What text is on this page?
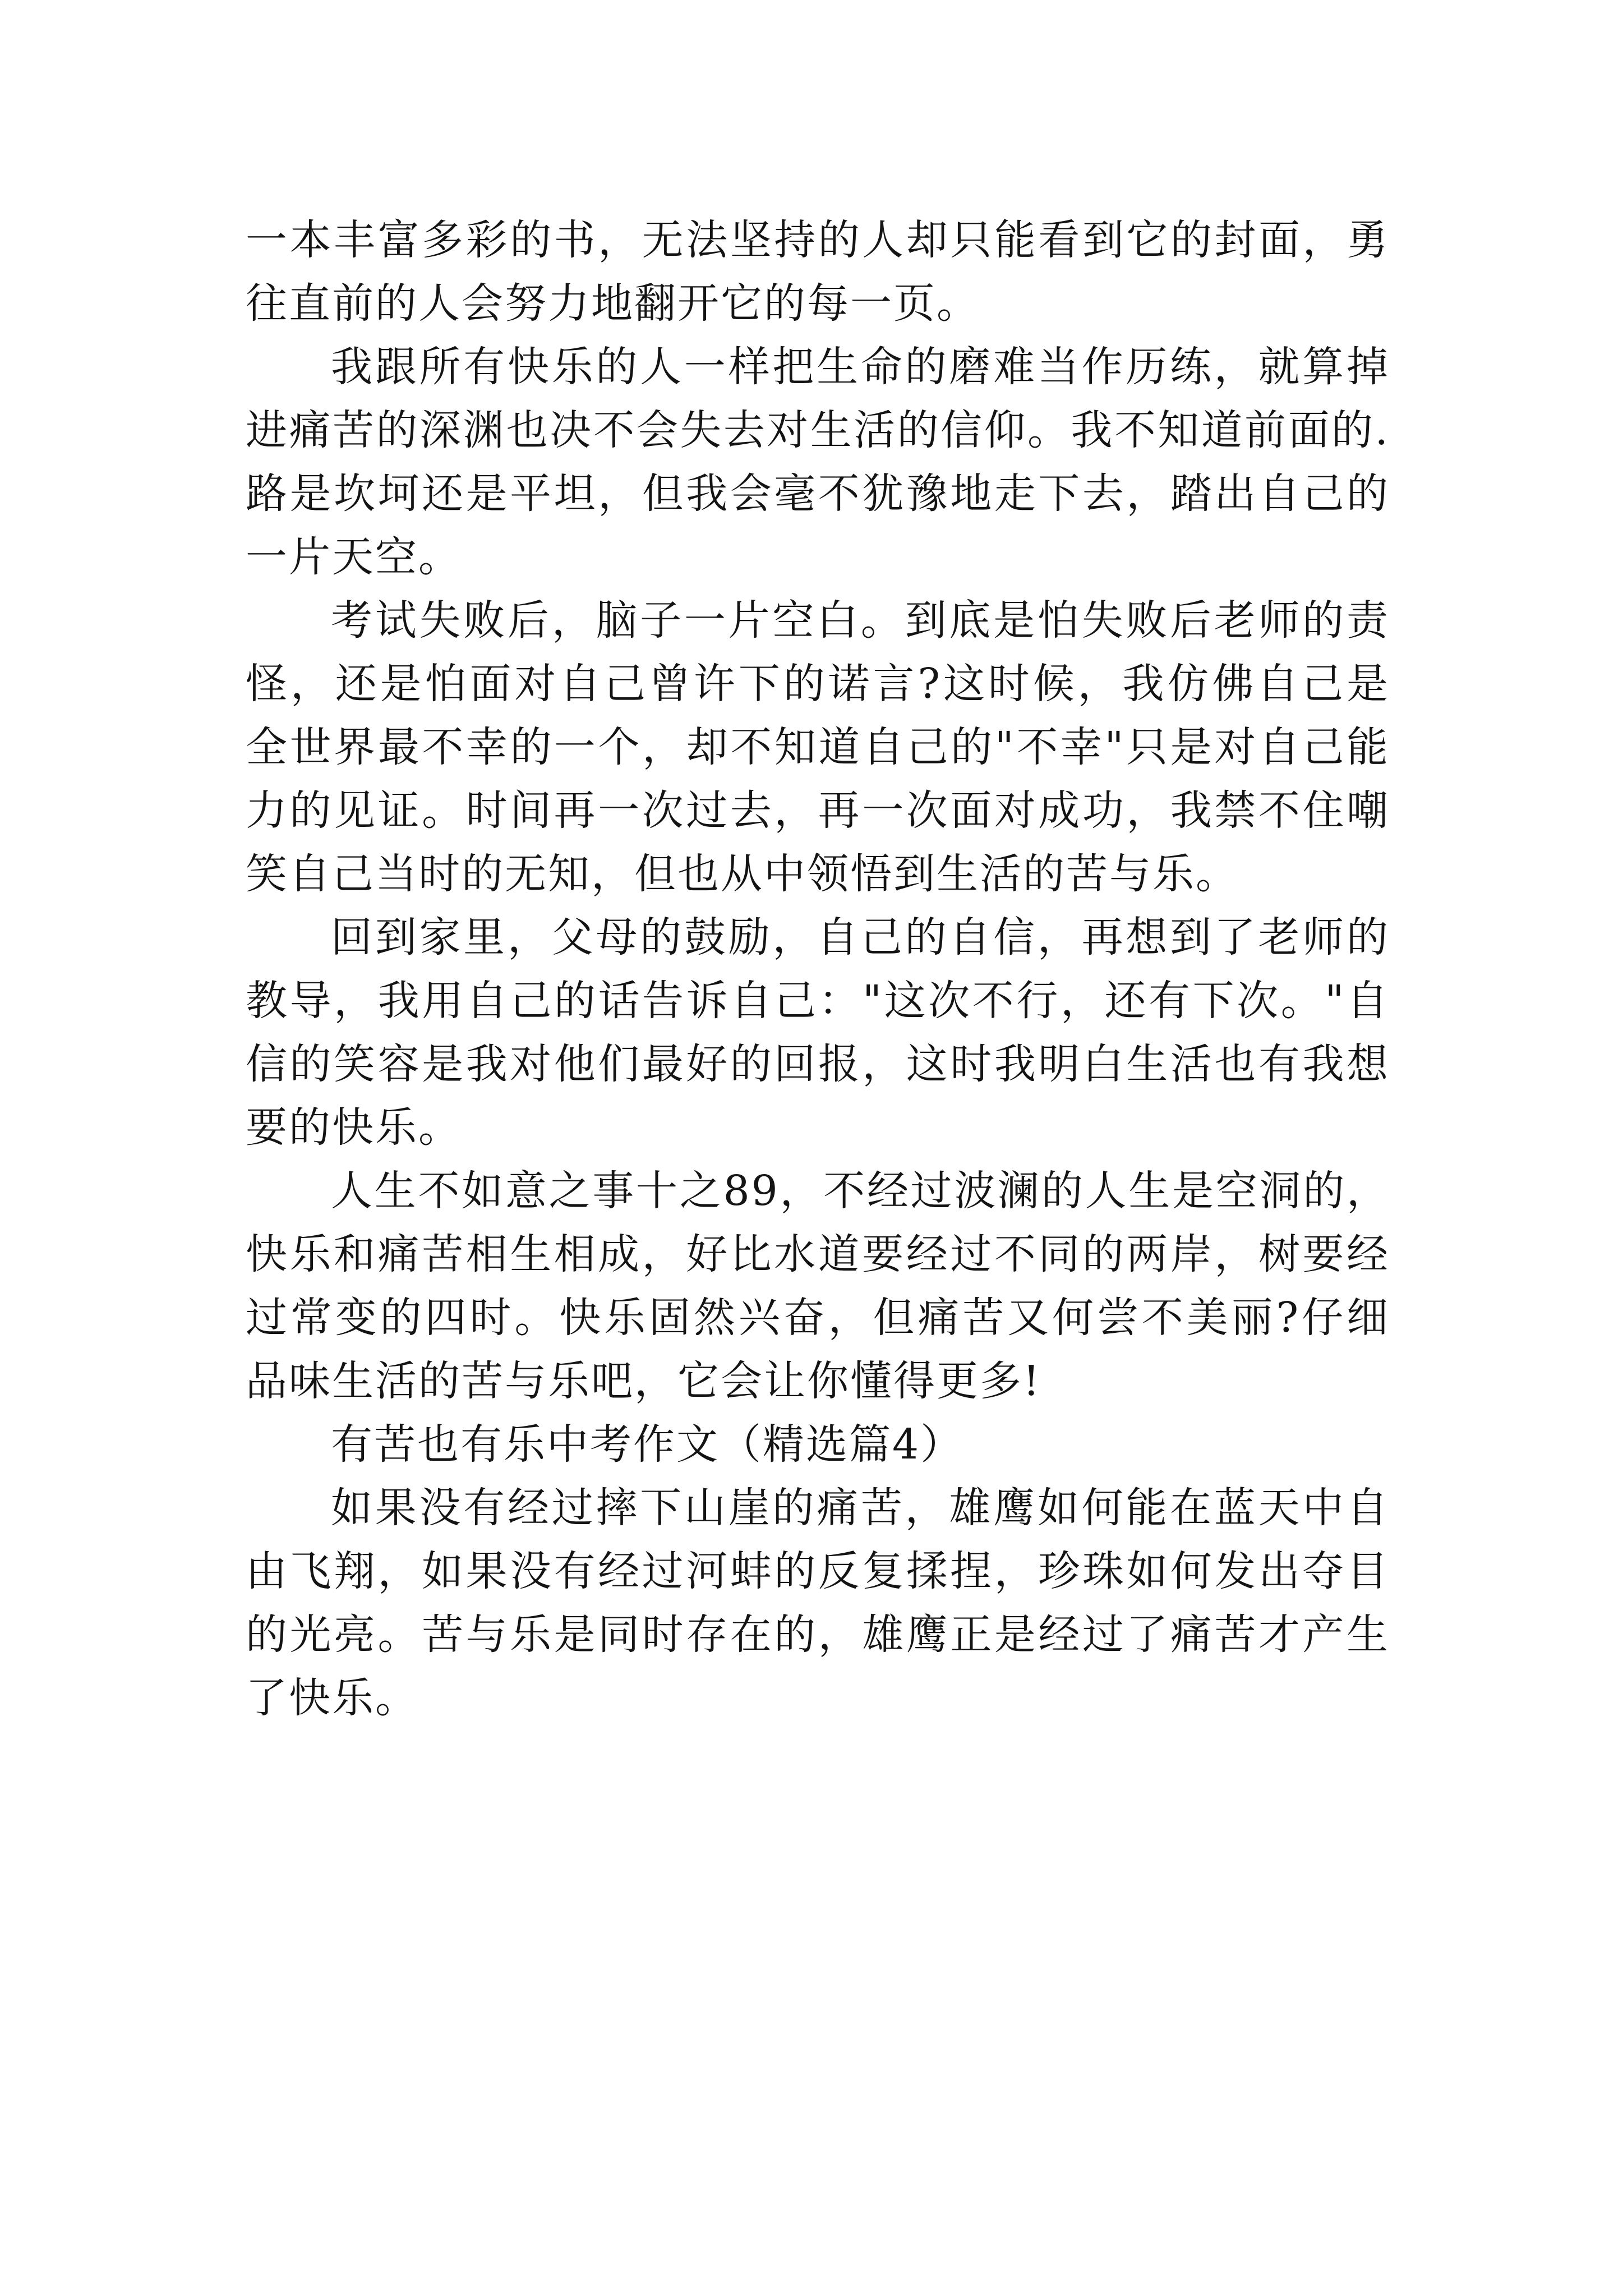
一本丰富多彩的书，无法坚持的人却只能看到它的封面，勇往直前的人会努力地翻开它的每一页。

我跟所有快乐的人一样把生命的磨难当作历练，就算掉进痛苦的深渊也决不会失去对生活的信仰。我不知道前面的.路是坎坷还是平坦，但我会毫不犹豫地走下去，踏出自己的一片天空。

考试失败后，脑子一片空白。到底是怕失败后老师的责怪，还是怕面对自己曾许下的诺言?这时候，我仿佛自己是全世界最不幸的一个，却不知道自己的"不幸"只是对自己能力的见证。时间再一次过去，再一次面对成功，我禁不住嘲笑自己当时的无知，但也从中领悟到生活的苦与乐。

回到家里，父母的鼓励，自己的自信，再想到了老师的教导，我用自己的话告诉自己："这次不行，还有下次。"自信的笑容是我对他们最好的回报，这时我明白生活也有我想要的快乐。

人生不如意之事十之89，不经过波澜的人生是空洞的，快乐和痛苦相生相成，好比水道要经过不同的两岸，树要经过常变的四时。快乐固然兴奋，但痛苦又何尝不美丽?仔细品味生活的苦与乐吧，它会让你懂得更多!

有苦也有乐中考作文（精选篇4）

如果没有经过摔下山崖的痛苦，雄鹰如何能在蓝天中自由飞翔，如果没有经过河蚌的反复揉捏，珍珠如何发出夺目的光亮。苦与乐是同时存在的，雄鹰正是经过了痛苦才产生了快乐。
